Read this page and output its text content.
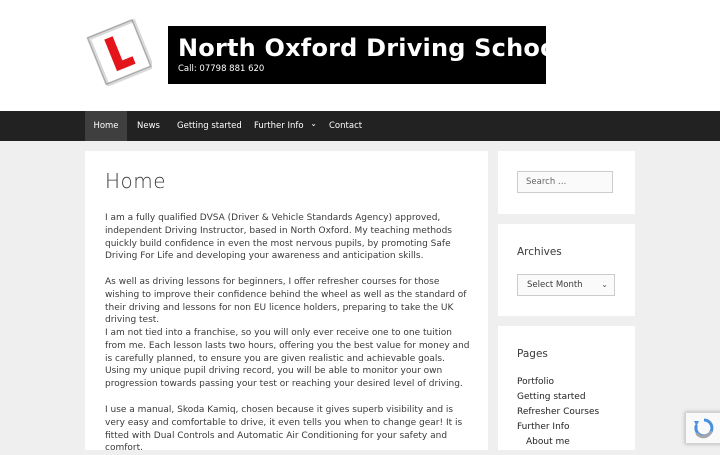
North Oxford Driving School
Call: 07798 881 620
Home	News Getting started Further Info ⌄ Contact
Home

I am a fully qualified DVSA (Driver & Vehicle Standards Agency) approved, independent Driving Instructor, based in North Oxford. My teaching methods quickly build confidence in even the most nervous pupils, by promoting Safe Driving For Life and developing your awareness and anticipation skills.

As well as driving lessons for beginners, I offer refresher courses for those wishing to improve their confidence behind the wheel as well as the standard of their driving and lessons for non EU licence holders, preparing to take the UK driving test.

I am not tied into a franchise, so you will only ever receive one to one tuition from me. Each lesson lasts two hours, offering you the best value for money and is carefully planned, to ensure you are given realistic and achievable goals. Using my unique pupil driving record, you will be able to monitor your own progression towards passing your test or reaching your desired level of driving.

I use a manual, Skoda Kamiq, chosen because it gives superb visibility and is very easy and comfortable to drive, it even tells you when to change gear! It is fitted with Dual Controls and Automatic Air Conditioning for your safety and comfort.

Search …
Archives
Select Month ⌄
Pages
Portfolio
Getting started
Refresher Courses
Further Info
About me
